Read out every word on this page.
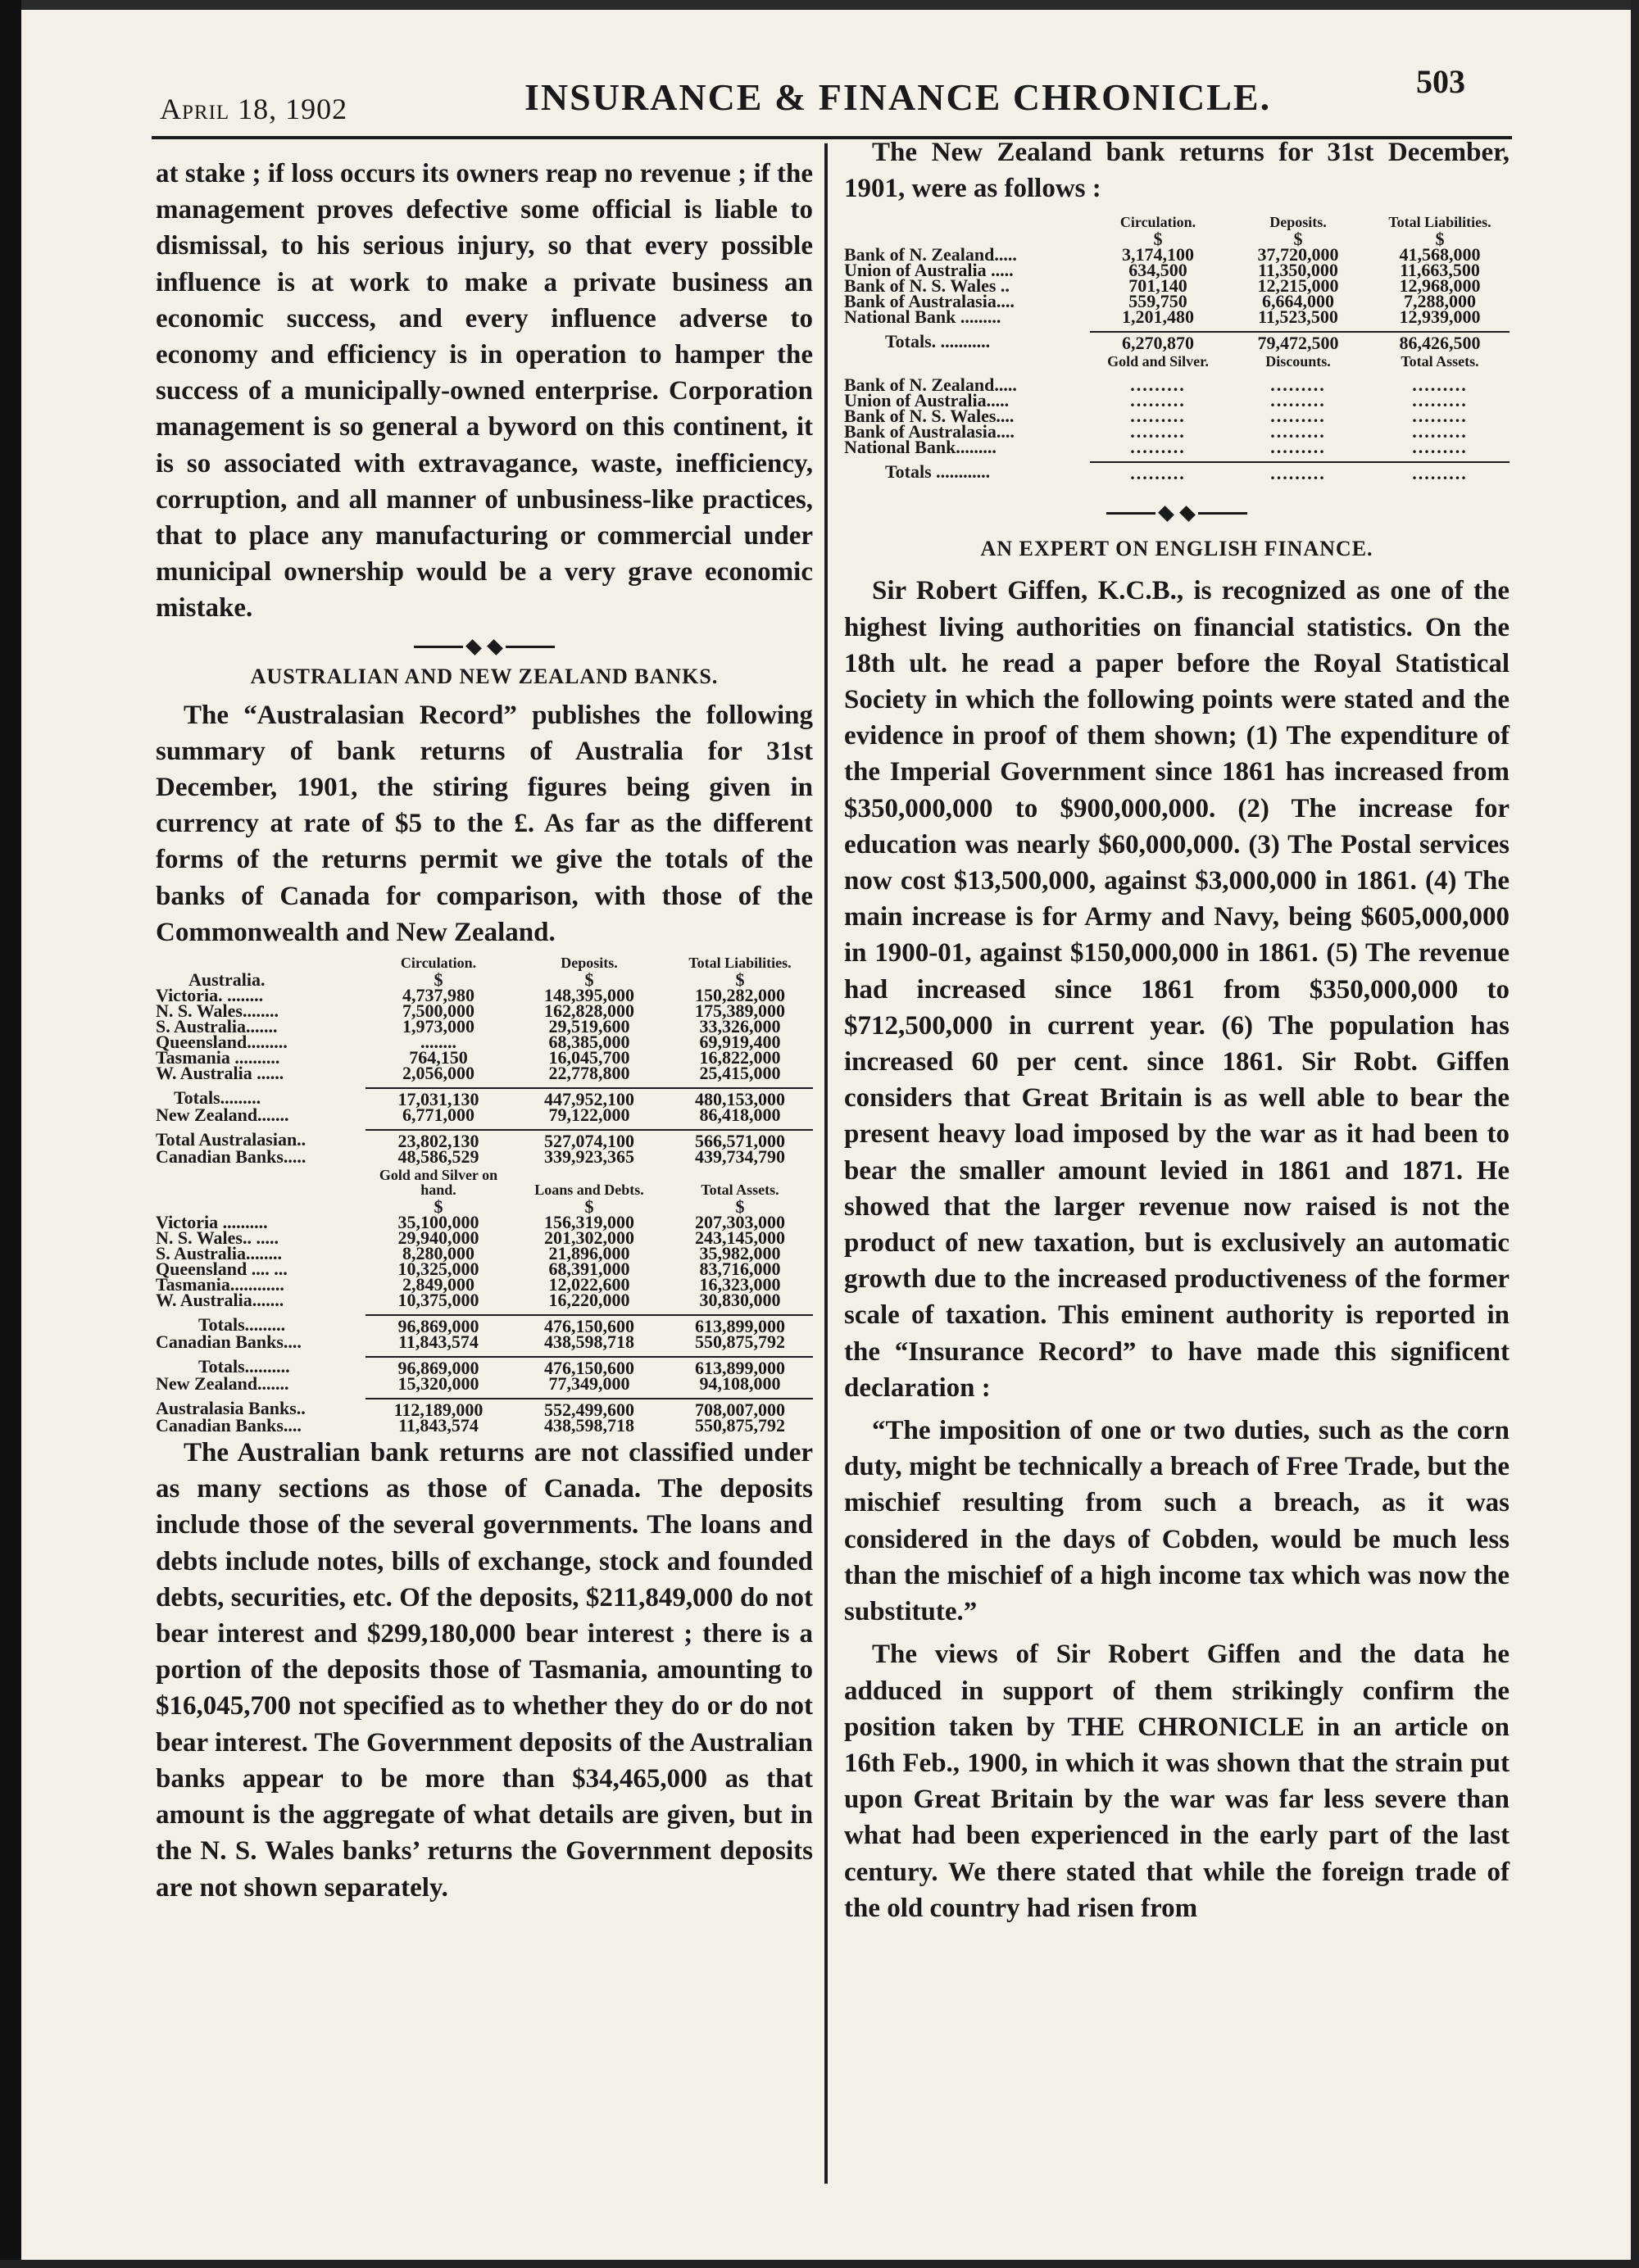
April 18, 1902	INSURANCE & FINANCE CHRONICLE.	503

at stake ; if loss occurs its owners reap no revenue ; if the management proves defective some official is liable to dismissal, to his serious injury, so that every possible influence is at work to make a private business an economic success, and every influence adverse to economy and efficiency is in operation to hamper the success of a municipally-owned enterprise. Corporation management is so general a byword on this continent, it is so associated with extravagance, waste, inefficiency, corruption, and all manner of unbusiness-like practices, that to place any manufacturing or commercial under municipal ownership would be a very grave economic mistake.

AUSTRALIAN AND NEW ZEALAND BANKS.

The “Australasian Record” publishes the following summary of bank returns of Australia for 31st December, 1901, the stiring figures being given in currency at rate of $5 to the £. As far as the different forms of the returns permit we give the totals of the banks of Canada for comparison, with those of the Commonwealth and New Zealand.

	Circulation.	Deposits.	Total Liabilities.
Australia.	$	$	$
Victoria. ........	4,737,980	148,395,000	150,282,000
N. S. Wales........	7,500,000	162,828,000	175,389,000
S. Australia.......	1,973,000	29,519,600	33,326,000
Queensland.........	........	68,385,000	69,919,400
Tasmania ..........	764,150	16,045,700	16,822,000
W. Australia ......	2,056,000	22,778,800	25,415,000

Totals.........	17,031,130	447,952,100	480,153,000
New Zealand.......	6,771,000	79,122,000	86,418,000

Total Australasian..	23,802,130	527,074,100	566,571,000
Canadian Banks.....	48,586,529	339,923,365	439,734,790
	Gold and Silver on hand.	Loans and Debts.	Total Assets.
	$	$	$
Victoria ..........	35,100,000	156,319,000	207,303,000
N. S. Wales.. .....	29,940,000	201,302,000	243,145,000
S. Australia........	8,280,000	21,896,000	35,982,000
Queensland .... ...	10,325,000	68,391,000	83,716,000
Tasmania............	2,849,000	12,022,600	16,323,000
W. Australia.......	10,375,000	16,220,000	30,830,000

Totals.........	96,869,000	476,150,600	613,899,000
Canadian Banks....	11,843,574	438,598,718	550,875,792

Totals..........	96,869,000	476,150,600	613,899,000
New Zealand.......	15,320,000	77,349,000	94,108,000

Australasia Banks..	112,189,000	552,499,600	708,007,000
Canadian Banks....	11,843,574	438,598,718	550,875,792

The Australian bank returns are not classified under as many sections as those of Canada. The deposits include those of the several governments. The loans and debts include notes, bills of exchange, stock and founded debts, securities, etc. Of the deposits, $211,849,000 do not bear interest and $299,180,000 bear interest ; there is a portion of the deposits those of Tasmania, amounting to $16,045,700 not specified as to whether they do or do not bear interest. The Government deposits of the Australian banks appear to be more than $34,465,000 as that amount is the aggregate of what details are given, but in the N. S. Wales banks’ returns the Government deposits are not shown separately.

The New Zealand bank returns for 31st December, 1901, were as follows :

	Circulation.	Deposits.	Total Liabilities.
	$	$	$
Bank of N. Zealand.....	3,174,100	37,720,000	41,568,000
Union of Australia .....	634,500	11,350,000	11,663,500
Bank of N. S. Wales ..	701,140	12,215,000	12,968,000
Bank of Australasia....	559,750	6,664,000	7,288,000
National Bank .........	1,201,480	11,523,500	12,939,000

Totals. ...........	6,270,870	79,472,500	86,426,500
	Gold and Silver.	Discounts.	Total Assets.

Bank of N. Zealand.....	.........	.........	.........
Union of Australia.....	.........	.........	.........
Bank of N. S. Wales....	.........	.........	.........
Bank of Australasia....	.........	.........	.........
National Bank.........	.........	.........	.........

Totals ............	.........	.........	.........
AN EXPERT ON ENGLISH FINANCE.

Sir Robert Giffen, K.C.B., is recognized as one of the highest living authorities on financial statistics. On the 18th ult. he read a paper before the Royal Statistical Society in which the following points were stated and the evidence in proof of them shown; (1) The expenditure of the Imperial Government since 1861 has increased from $350,000,000 to $900,000,000. (2) The increase for education was nearly $60,000,000. (3) The Postal services now cost $13,500,000, against $3,000,000 in 1861. (4) The main increase is for Army and Navy, being $605,000,000 in 1900-01, against $150,000,000 in 1861. (5) The revenue had increased since 1861 from $350,000,000 to $712,500,000 in current year. (6) The population has increased 60 per cent. since 1861. Sir Robt. Giffen considers that Great Britain is as well able to bear the present heavy load imposed by the war as it had been to bear the smaller amount levied in 1861 and 1871. He showed that the larger revenue now raised is not the product of new taxation, but is exclusively an automatic growth due to the increased productiveness of the former scale of taxation. This eminent authority is reported in the “Insurance Record” to have made this significent declaration :

“The imposition of one or two duties, such as the corn duty, might be technically a breach of Free Trade, but the mischief resulting from such a breach, as it was considered in the days of Cobden, would be much less than the mischief of a high income tax which was now the substitute.”

The views of Sir Robert Giffen and the data he adduced in support of them strikingly confirm the position taken by THE CHRONICLE in an article on 16th Feb., 1900, in which it was shown that the strain put upon Great Britain by the war was far less severe than what had been experienced in the early part of the last century. We there stated that while the foreign trade of the old country had risen from
